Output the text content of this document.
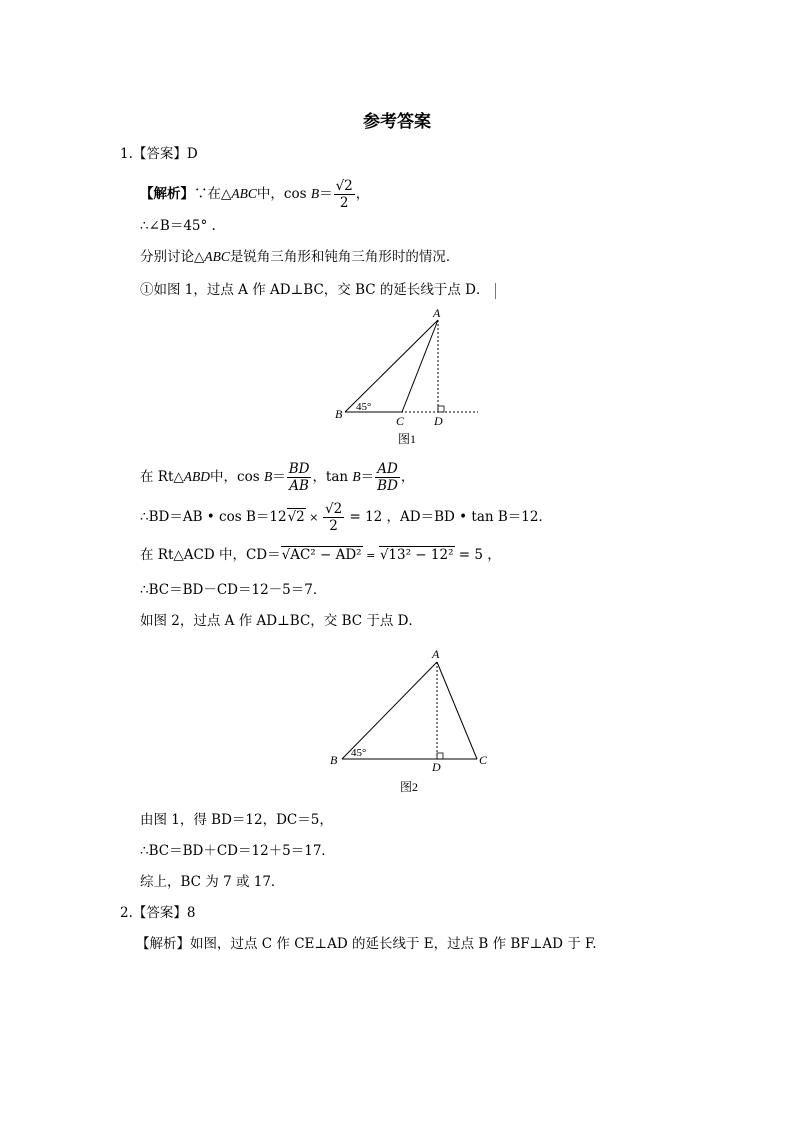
参考答案
1.【答案】D
【解析】∵在△ABC中，$\cos B= \frac{√2}{2}$ ，
∴∠B＝45° .
分别讨论△ABC是锐角三角形和钝角三角形时的情况．
①如图 1，过点 A 作 AD⊥BC，交 BC 的延长线于点 D．
A
B	C D
45°
图1
在 Rt△ABD中，$\cos B= \frac{BD}{AB}$ ，$\tan B= \frac{AD}{BD}$ ，
∴BD＝AB • $\cos B=12√2 \times \frac{√2}{2} = 12$ ，AD＝BD • tan B＝12．
在 Rt△ACD 中，CD＝√AC² − AD² = √13² − 12² = 5 ，
∴BC＝BD－CD＝12－5＝7．
如图 2，过点 A 作 AD⊥BC，交 BC 于点 D．
A
B	C
D
45°
图2
由图 1，得 BD＝12，DC＝5，
∴BC＝BD＋CD＝12＋5＝17．
综上，BC 为 7 或 17．
2.【答案】8
【解析】如图，过点 C 作 CE⊥AD 的延长线于 E，过点 B 作 BF⊥AD 于 F.
